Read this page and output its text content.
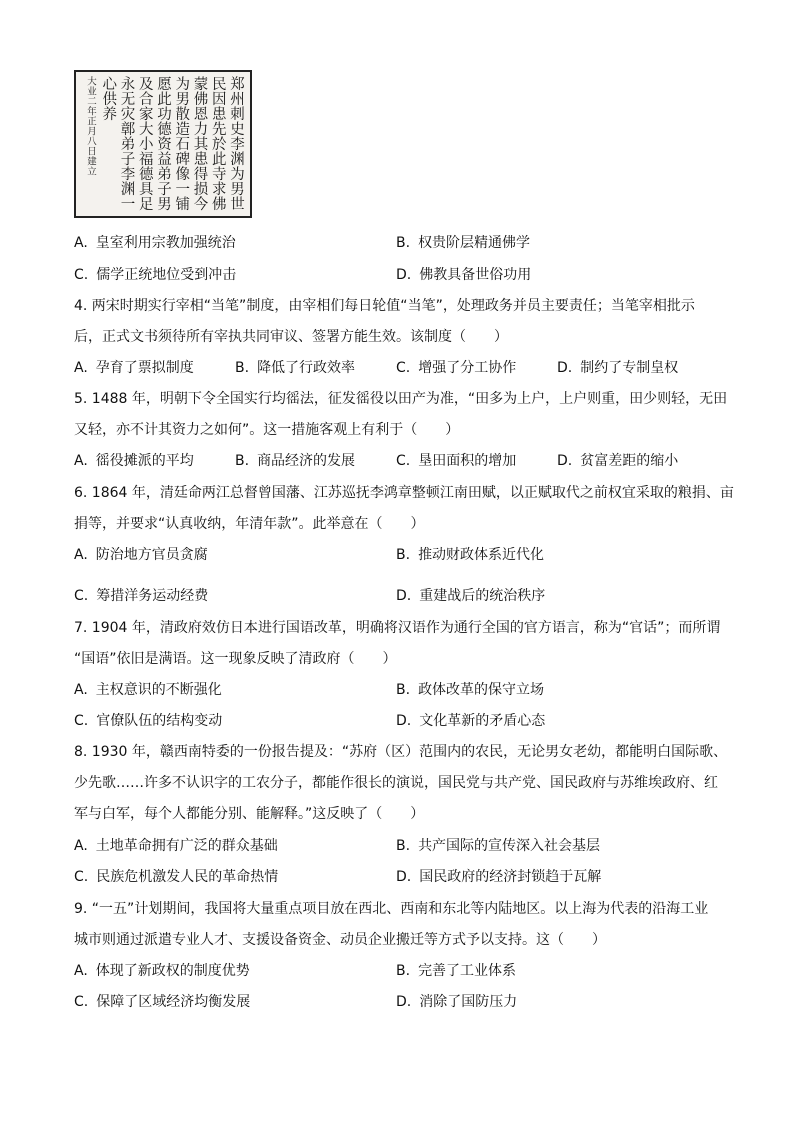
郑州刺史李渊为男世
民因患先於此寺求佛
蒙佛恩力其患得损今
为男散造石碑像一铺
愿此功德资益弟子男
及合家大小福德具足
永无灾鄣弟子李渊一
心供养
大业二年正月八日建立
A. 皇室利用宗教加强统治	B. 权贵阶层精通佛学
C. 儒学正统地位受到冲击	D. 佛教具备世俗功用
4. 两宋时期实行宰相“当笔”制度，由宰相们每日轮值“当笔”，处理政务并员主要责任；当笔宰相批示
后，正式文书须待所有宰执共同审议、签署方能生效。该制度（　　）
A. 孕育了票拟制度	B. 降低了行政效率	C. 增强了分工协作	D. 制约了专制皇权
5. 1488 年，明朝下令全国实行均徭法，征发徭役以田产为准，“田多为上户，上户则重，田少则轻，无田
又轻，亦不计其资力之如何”。这一措施客观上有利于（　　）
A. 徭役摊派的平均	B. 商品经济的发展	C. 垦田面积的增加	D. 贫富差距的缩小
6. 1864 年，清廷命两江总督曾国藩、江苏巡抚李鸿章整顿江南田赋，以正赋取代之前权宜采取的粮捐、亩
捐等，并要求“认真收纳，年清年款”。此举意在（　　）
A. 防治地方官员贪腐	B. 推动财政体系近代化
C. 筹措洋务运动经费	D. 重建战后的统治秩序
7. 1904 年，清政府效仿日本进行国语改革，明确将汉语作为通行全国的官方语言，称为“官话”；而所谓
“国语”依旧是满语。这一现象反映了清政府（　　）
A. 主权意识的不断强化	B. 政体改革的保守立场
C. 官僚队伍的结构变动	D. 文化革新的矛盾心态
8. 1930 年，赣西南特委的一份报告提及：“苏府（区）范围内的农民，无论男女老幼，都能明白国际歌、
少先歌……许多不认识字的工农分子，都能作很长的演说，国民党与共产党、国民政府与苏维埃政府、红
军与白军，每个人都能分别、能解释。”这反映了（　　）
A. 土地革命拥有广泛的群众基础	B. 共产国际的宣传深入社会基层
C. 民族危机激发人民的革命热情	D. 国民政府的经济封锁趋于瓦解
9. “一五”计划期间，我国将大量重点项目放在西北、西南和东北等内陆地区。以上海为代表的沿海工业
城市则通过派遣专业人才、支援设备资金、动员企业搬迁等方式予以支持。这（　　）
A. 体现了新政权的制度优势	B. 完善了工业体系
C. 保障了区域经济均衡发展	D. 消除了国防压力
